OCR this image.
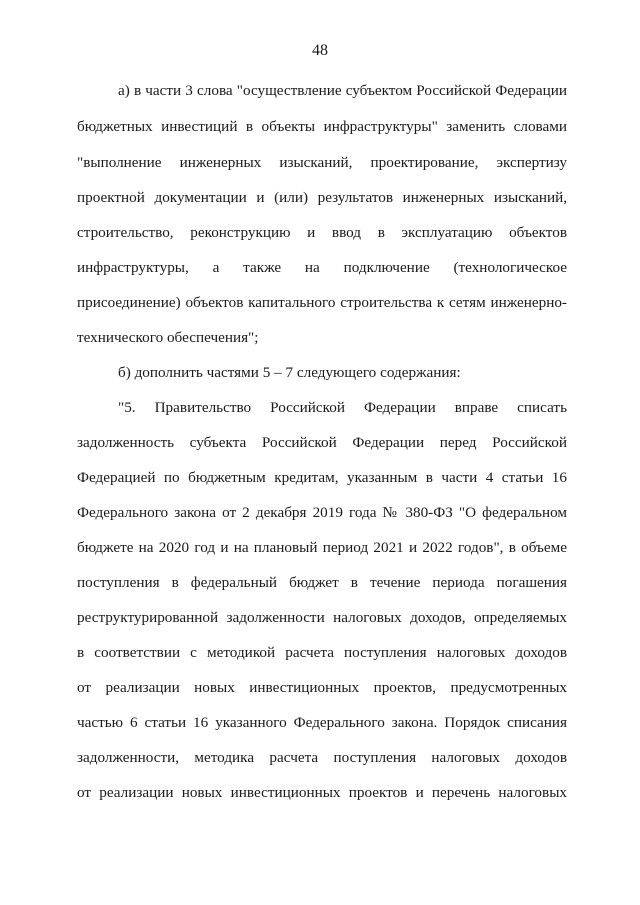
48
а) в части 3 слова "осуществление субъектом Российской Федерации
бюджетных инвестиций в объекты инфраструктуры" заменить словами
"выполнение инженерных изысканий, проектирование, экспертизу
проектной документации и (или) результатов инженерных изысканий,
строительство, реконструкцию и ввод в эксплуатацию объектов
инфраструктуры, а также на подключение (технологическое
присоединение) объектов капитального строительства к сетям инженерно-
технического обеспечения";
б) дополнить частями 5 – 7 следующего содержания:
"5. Правительство Российской Федерации вправе списать
задолженность субъекта Российской Федерации перед Российской
Федерацией по бюджетным кредитам, указанным в части 4 статьи 16
Федерального закона от 2 декабря 2019 года № 380-ФЗ "О федеральном
бюджете на 2020 год и на плановый период 2021 и 2022 годов", в объеме
поступления в федеральный бюджет в течение периода погашения
реструктурированной задолженности налоговых доходов, определяемых
в соответствии с методикой расчета поступления налоговых доходов
от реализации новых инвестиционных проектов, предусмотренных
частью 6 статьи 16 указанного Федерального закона. Порядок списания
задолженности, методика расчета поступления налоговых доходов
от реализации новых инвестиционных проектов и перечень налоговых
